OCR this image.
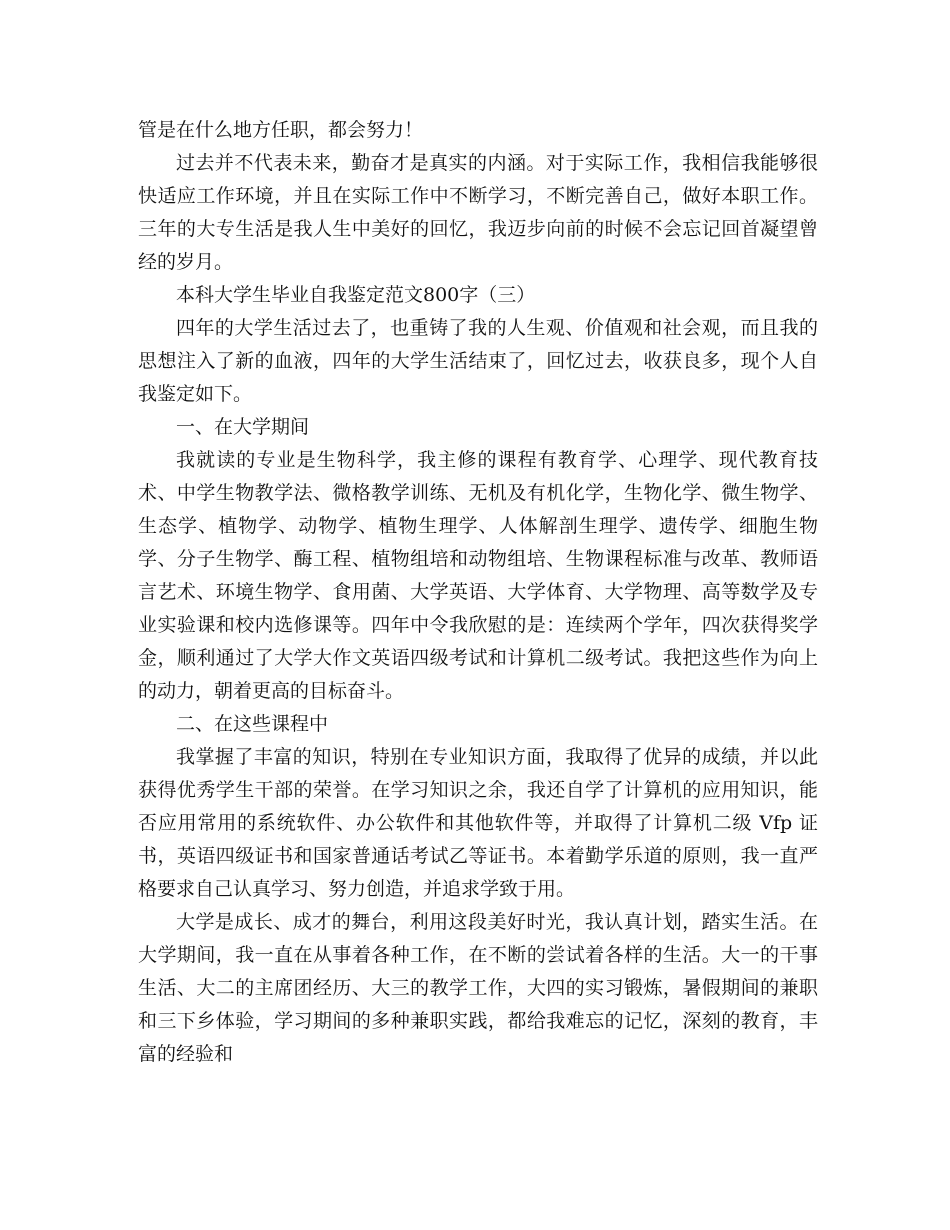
管是在什么地方任职，都会努力！

过去并不代表未来，勤奋才是真实的内涵。对于实际工作，我相信我能够很快适应工作环境，并且在实际工作中不断学习，不断完善自己，做好本职工作。三年的大专生活是我人生中美好的回忆，我迈步向前的时候不会忘记回首凝望曾经的岁月。

本科大学生毕业自我鉴定范文800字（三）

四年的大学生活过去了，也重铸了我的人生观、价值观和社会观，而且我的思想注入了新的血液，四年的大学生活结束了，回忆过去，收获良多，现个人自我鉴定如下。

一、在大学期间

我就读的专业是生物科学，我主修的课程有教育学、心理学、现代教育技术、中学生物教学法、微格教学训练、无机及有机化学，生物化学、微生物学、生态学、植物学、动物学、植物生理学、人体解剖生理学、遗传学、细胞生物学、分子生物学、酶工程、植物组培和动物组培、生物课程标准与改革、教师语言艺术、环境生物学、食用菌、大学英语、大学体育、大学物理、高等数学及专业实验课和校内选修课等。四年中令我欣慰的是：连续两个学年，四次获得奖学金，顺利通过了大学大作文英语四级考试和计算机二级考试。我把这些作为向上的动力，朝着更高的目标奋斗。

二、在这些课程中

我掌握了丰富的知识，特别在专业知识方面，我取得了优异的成绩，并以此获得优秀学生干部的荣誉。在学习知识之余，我还自学了计算机的应用知识，能否应用常用的系统软件、办公软件和其他软件等，并取得了计算机二级 Vfp 证书，英语四级证书和国家普通话考试乙等证书。本着勤学乐道的原则，我一直严格要求自己认真学习、努力创造，并追求学致于用。

大学是成长、成才的舞台，利用这段美好时光，我认真计划，踏实生活。在大学期间，我一直在从事着各种工作，在不断的尝试着各样的生活。大一的干事生活、大二的主席团经历、大三的教学工作，大四的实习锻炼，暑假期间的兼职和三下乡体验，学习期间的多种兼职实践，都给我难忘的记忆，深刻的教育，丰富的经验和
